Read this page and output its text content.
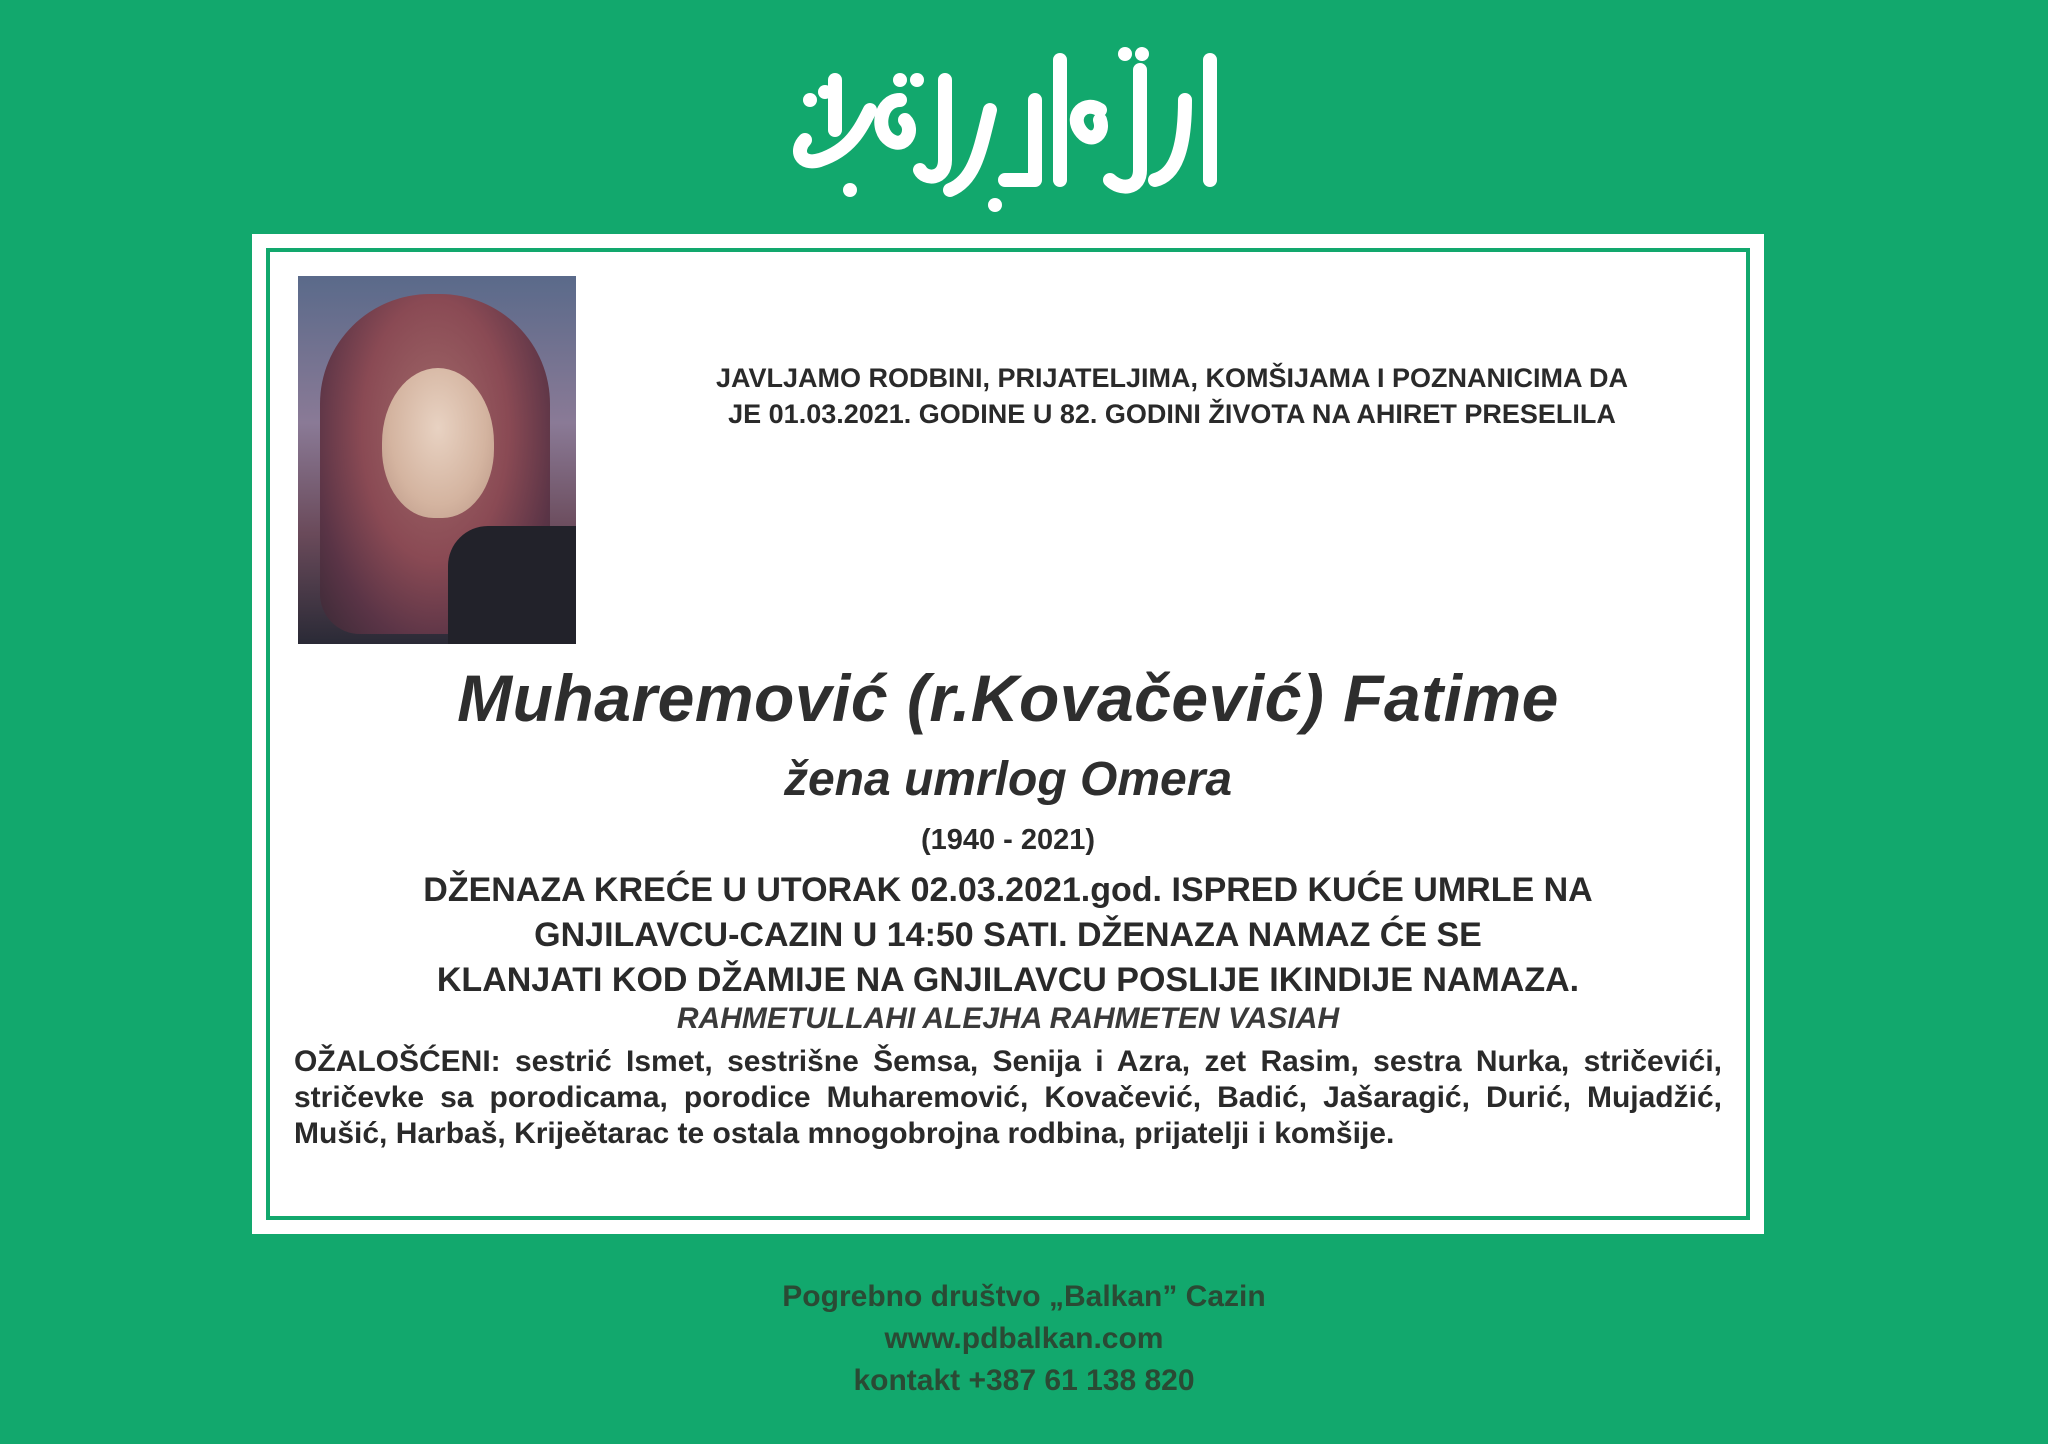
JAVLJAMO RODBINI, PRIJATELJIMA, KOMŠIJAMA I POZNANICIMA DA
JE 01.03.2021. GODINE U 82. GODINI ŽIVOTA NA AHIRET PRESELILA
Muharemović (r.Kovačević) Fatime
žena umrlog Omera
(1940 - 2021)
DŽENAZA KREĆE U UTORAK 02.03.2021.god. ISPRED KUĆE UMRLE NA
GNJILAVCU-CAZIN U 14:50 SATI. DŽENAZA NAMAZ ĆE SE
KLANJATI KOD DŽAMIJE NA GNJILAVCU POSLIJE IKINDIJE NAMAZA.
RAHMETULLAHI ALEJHA RAHMETEN VASIAH
OŽALOŠĆENI: sestrić Ismet, sestrišne Šemsa, Senija i Azra, zet Rasim, sestra Nurka, stričevići, stričevke sa porodicama, porodice Muharemović, Kovačević, Badić, Jašaragić, Durić, Mujadžić, Mušić, Harbaš, Krijeětarac te ostala mnogobrojna rodbina, prijatelji i komšije.
Pogrebno društvo „Balkan” Cazin
www.pdbalkan.com
kontakt +387 61 138 820
